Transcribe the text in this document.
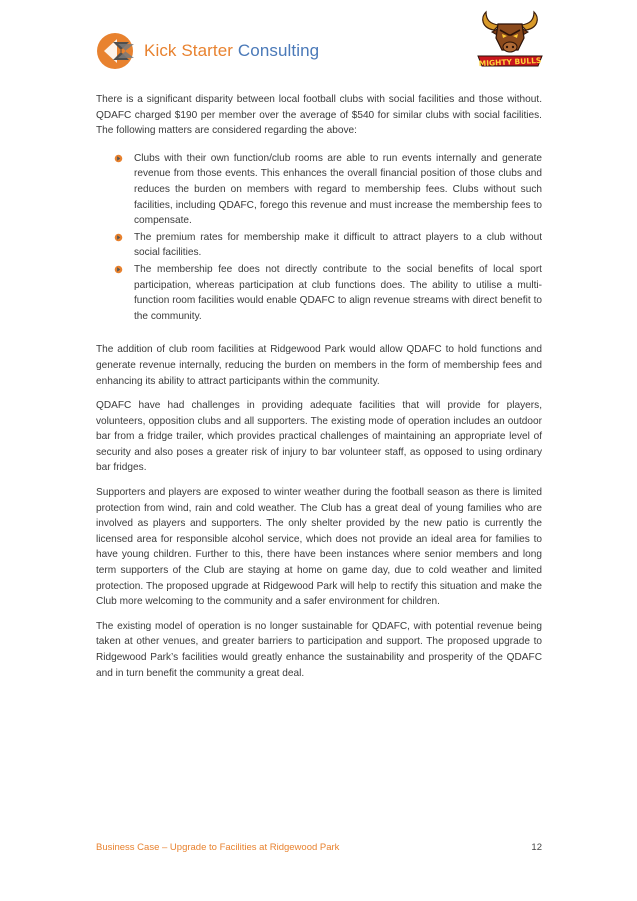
Kick Starter Consulting
MIGHTY BULLS

There is a significant disparity between local football clubs with social facilities and those without. QDAFC charged $190 per member over the average of $540 for similar clubs with social facilities. The following matters are considered regarding the above:

Clubs with their own function/club rooms are able to run events internally and generate revenue from those events. This enhances the overall financial position of those clubs and reduces the burden on members with regard to membership fees. Clubs without such facilities, including QDAFC, forego this revenue and must increase the membership fees to compensate.
The premium rates for membership make it difficult to attract players to a club without social facilities.
The membership fee does not directly contribute to the social benefits of local sport participation, whereas participation at club functions does. The ability to utilise a multi-function room facilities would enable QDAFC to align revenue streams with direct benefit to the community.

The addition of club room facilities at Ridgewood Park would allow QDAFC to hold functions and generate revenue internally, reducing the burden on members in the form of membership fees and enhancing its ability to attract participants within the community.

QDAFC have had challenges in providing adequate facilities that will provide for players, volunteers, opposition clubs and all supporters. The existing mode of operation includes an outdoor bar from a fridge trailer, which provides practical challenges of maintaining an appropriate level of security and also poses a greater risk of injury to bar volunteer staff, as opposed to using ordinary bar fridges.

Supporters and players are exposed to winter weather during the football season as there is limited protection from wind, rain and cold weather. The Club has a great deal of young families who are involved as players and supporters. The only shelter provided by the new patio is currently the licensed area for responsible alcohol service, which does not provide an ideal area for families to have young children. Further to this, there have been instances where senior members and long term supporters of the Club are staying at home on game day, due to cold weather and limited protection. The proposed upgrade at Ridgewood Park will help to rectify this situation and make the Club more welcoming to the community and a safer environment for children.

The existing model of operation is no longer sustainable for QDAFC, with potential revenue being taken at other venues, and greater barriers to participation and support. The proposed upgrade to Ridgewood Park’s facilities would greatly enhance the sustainability and prosperity of the QDAFC and in turn benefit the community a great deal.

Business Case – Upgrade to Facilities at Ridgewood Park	12
